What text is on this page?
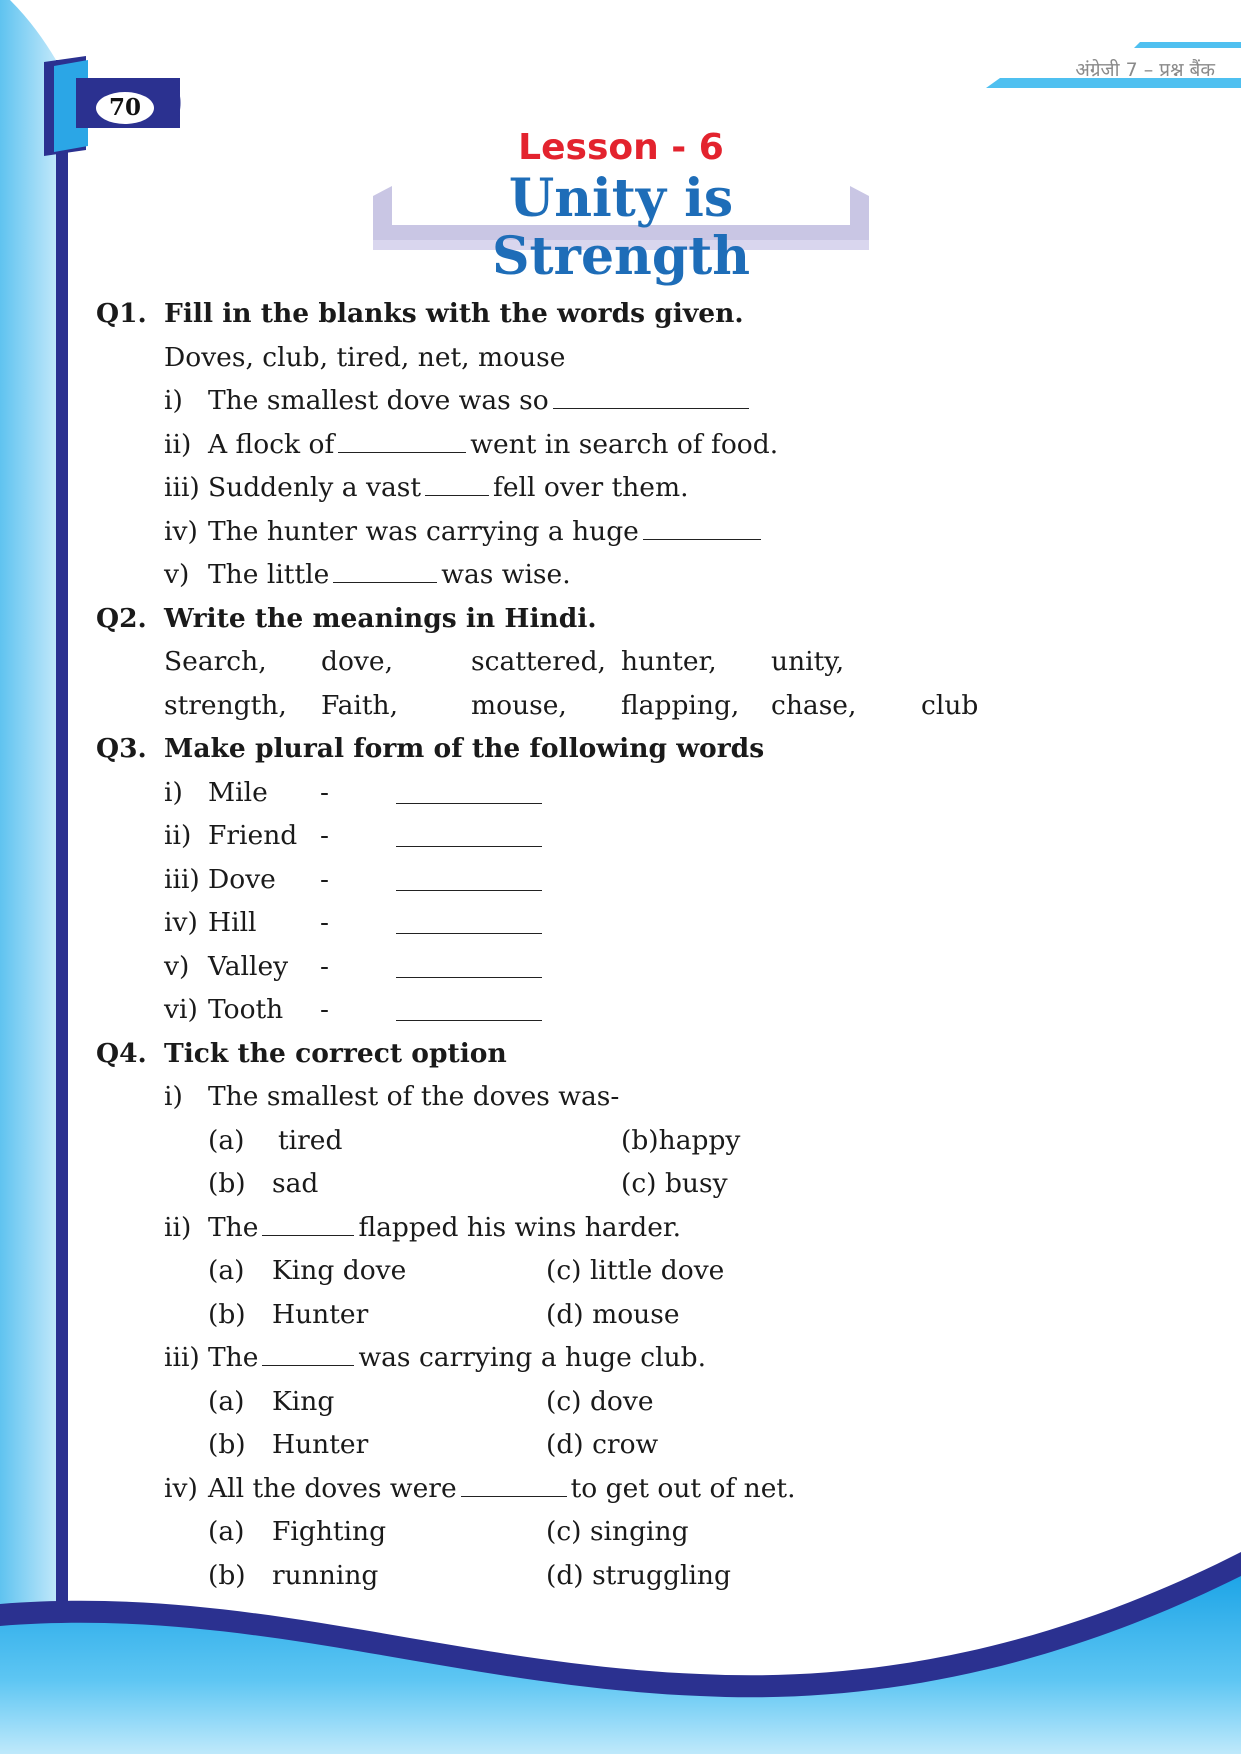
अंग्रेजी 7 – प्रश्न बैंक
70
Lesson - 6
Unity is Strength
Q1. Fill in the blanks with the words given.
Doves, club, tired, net, mouse
i) The smallest dove was so
ii) A flock of	went in search of food.
iii) Suddenly a vast	fell over them.
iv) The hunter was carrying a huge
v) The little	was wise.
Q2. Write the meanings in Hindi.
Search, dove,	scattered, hunter, unity,
strength, Faith,	mouse, flapping, chase, club
Q3. Make plural form of the following words
i) Mile -
ii) Friend -
iii) Dove -
iv) Hill -
v) Valley -
vi) Tooth -
Q4. Tick the correct option
i) The smallest of the doves was-
(a) tired	(b)happy
(b) sad	(c) busy
ii) The	flapped his wins harder.
(a) King dove	(c) little dove
(b) Hunter	(d) mouse
iii) The	was carrying a huge club.
(a) King	(c) dove
(b) Hunter	(d) crow
iv) All the doves were	to get out of net.
(a) Fighting	(c) singing
(b) running	(d) struggling
